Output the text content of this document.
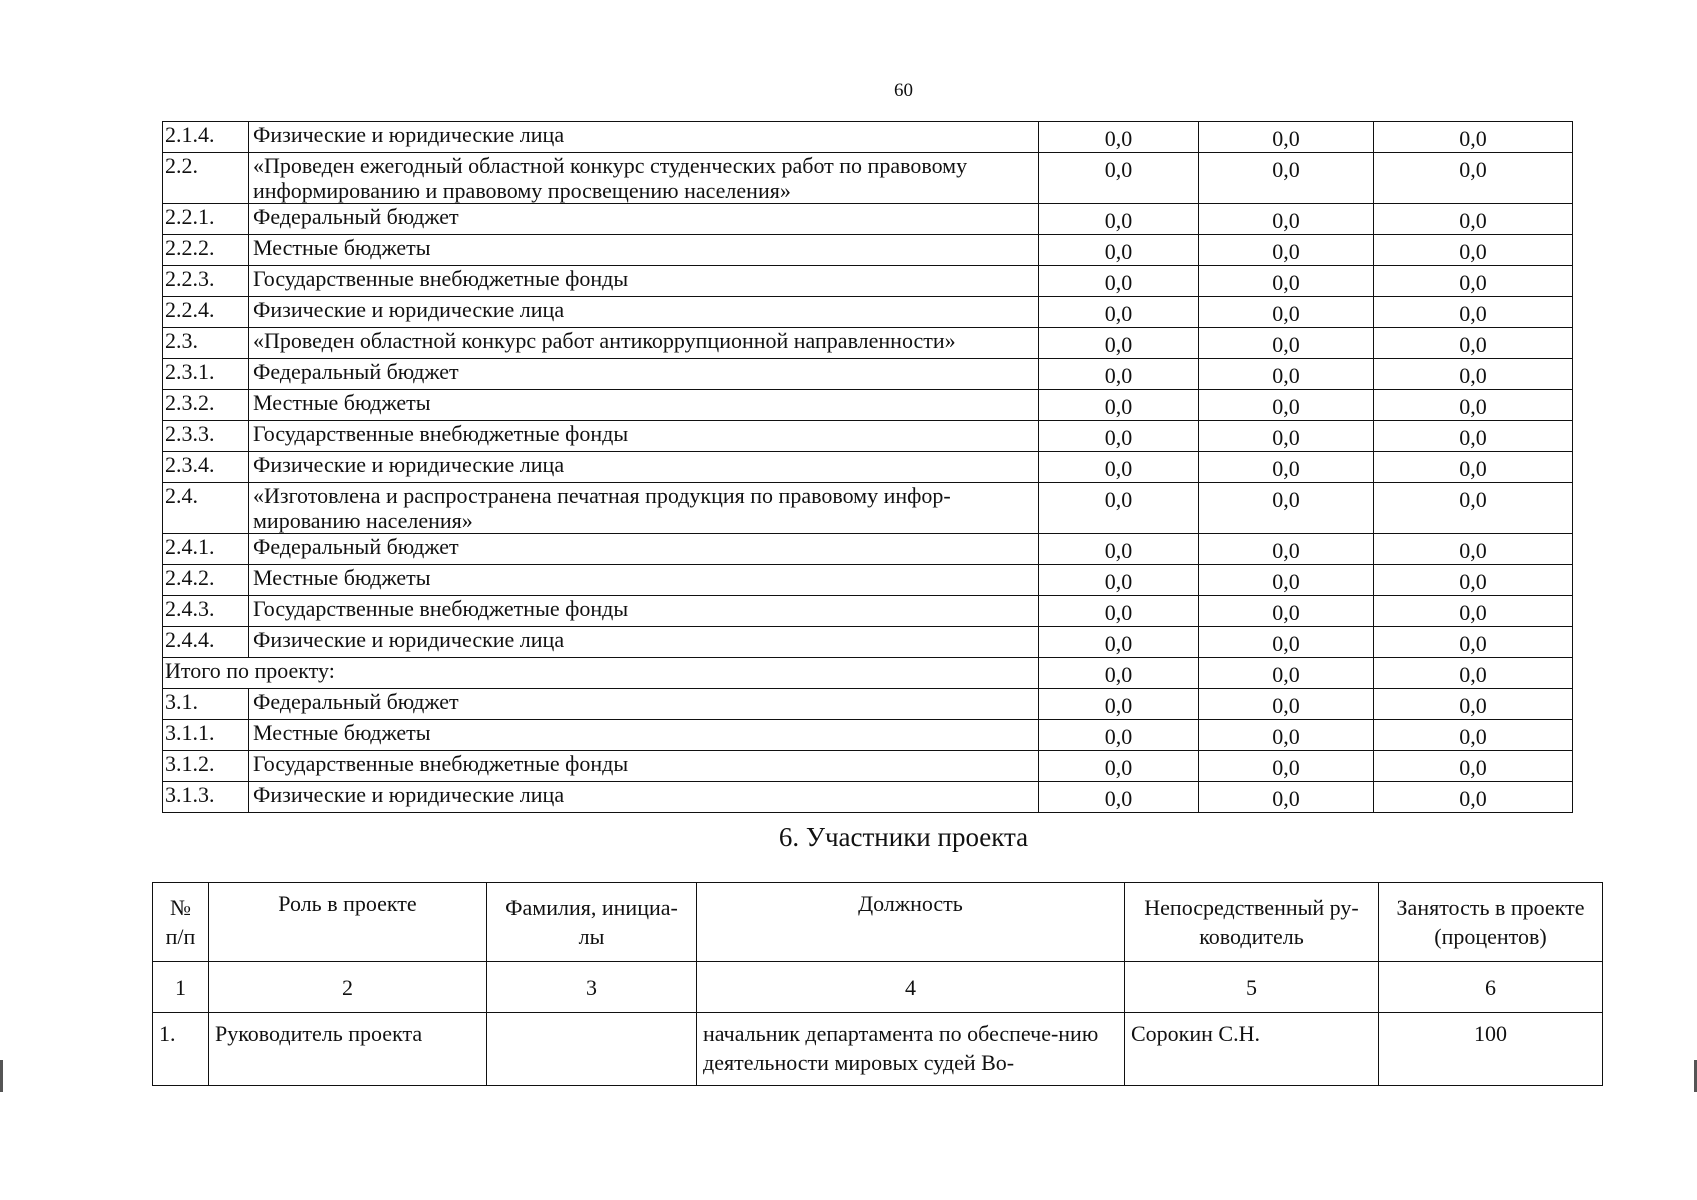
60
2.1.4.	Физические и юридические лица	0,0	0,0	0,0
2.2.	«Проведен ежегодный областной конкурс студенческих работ по правовому информированию и правовому просвещению населения»	0,0	0,0	0,0
2.2.1.	Федеральный бюджет	0,0	0,0	0,0
2.2.2.	Местные бюджеты	0,0	0,0	0,0
2.2.3.	Государственные внебюджетные фонды	0,0	0,0	0,0
2.2.4.	Физические и юридические лица	0,0	0,0	0,0
2.3.	«Проведен областной конкурс работ антикоррупционной направленности»	0,0	0,0	0,0
2.3.1.	Федеральный бюджет	0,0	0,0	0,0
2.3.2.	Местные бюджеты	0,0	0,0	0,0
2.3.3.	Государственные внебюджетные фонды	0,0	0,0	0,0
2.3.4.	Физические и юридические лица	0,0	0,0	0,0
2.4.	«Изготовлена и распространена печатная продукция по правовому инфор-мированию населения»	0,0	0,0	0,0
2.4.1.	Федеральный бюджет	0,0	0,0	0,0
2.4.2.	Местные бюджеты	0,0	0,0	0,0
2.4.3.	Государственные внебюджетные фонды	0,0	0,0	0,0
2.4.4.	Физические и юридические лица	0,0	0,0	0,0
Итого по проекту:		0,0	0,0	0,0
3.1.	Федеральный бюджет	0,0	0,0	0,0
3.1.1.	Местные бюджеты	0,0	0,0	0,0
3.1.2.	Государственные внебюджетные фонды	0,0	0,0	0,0
3.1.3.	Физические и юридические лица	0,0	0,0	0,0
6. Участники проекта
№ п/п	Роль в проекте	Фамилия, инициа-лы	Должность	Непосредственный ру-ководитель	Занятость в проекте (процентов)
1	2	3	4	5	6
1.	Руководитель проекта		начальник департамента по обеспече-нию деятельности мировых судей Во-	Сорокин С.Н.	100
